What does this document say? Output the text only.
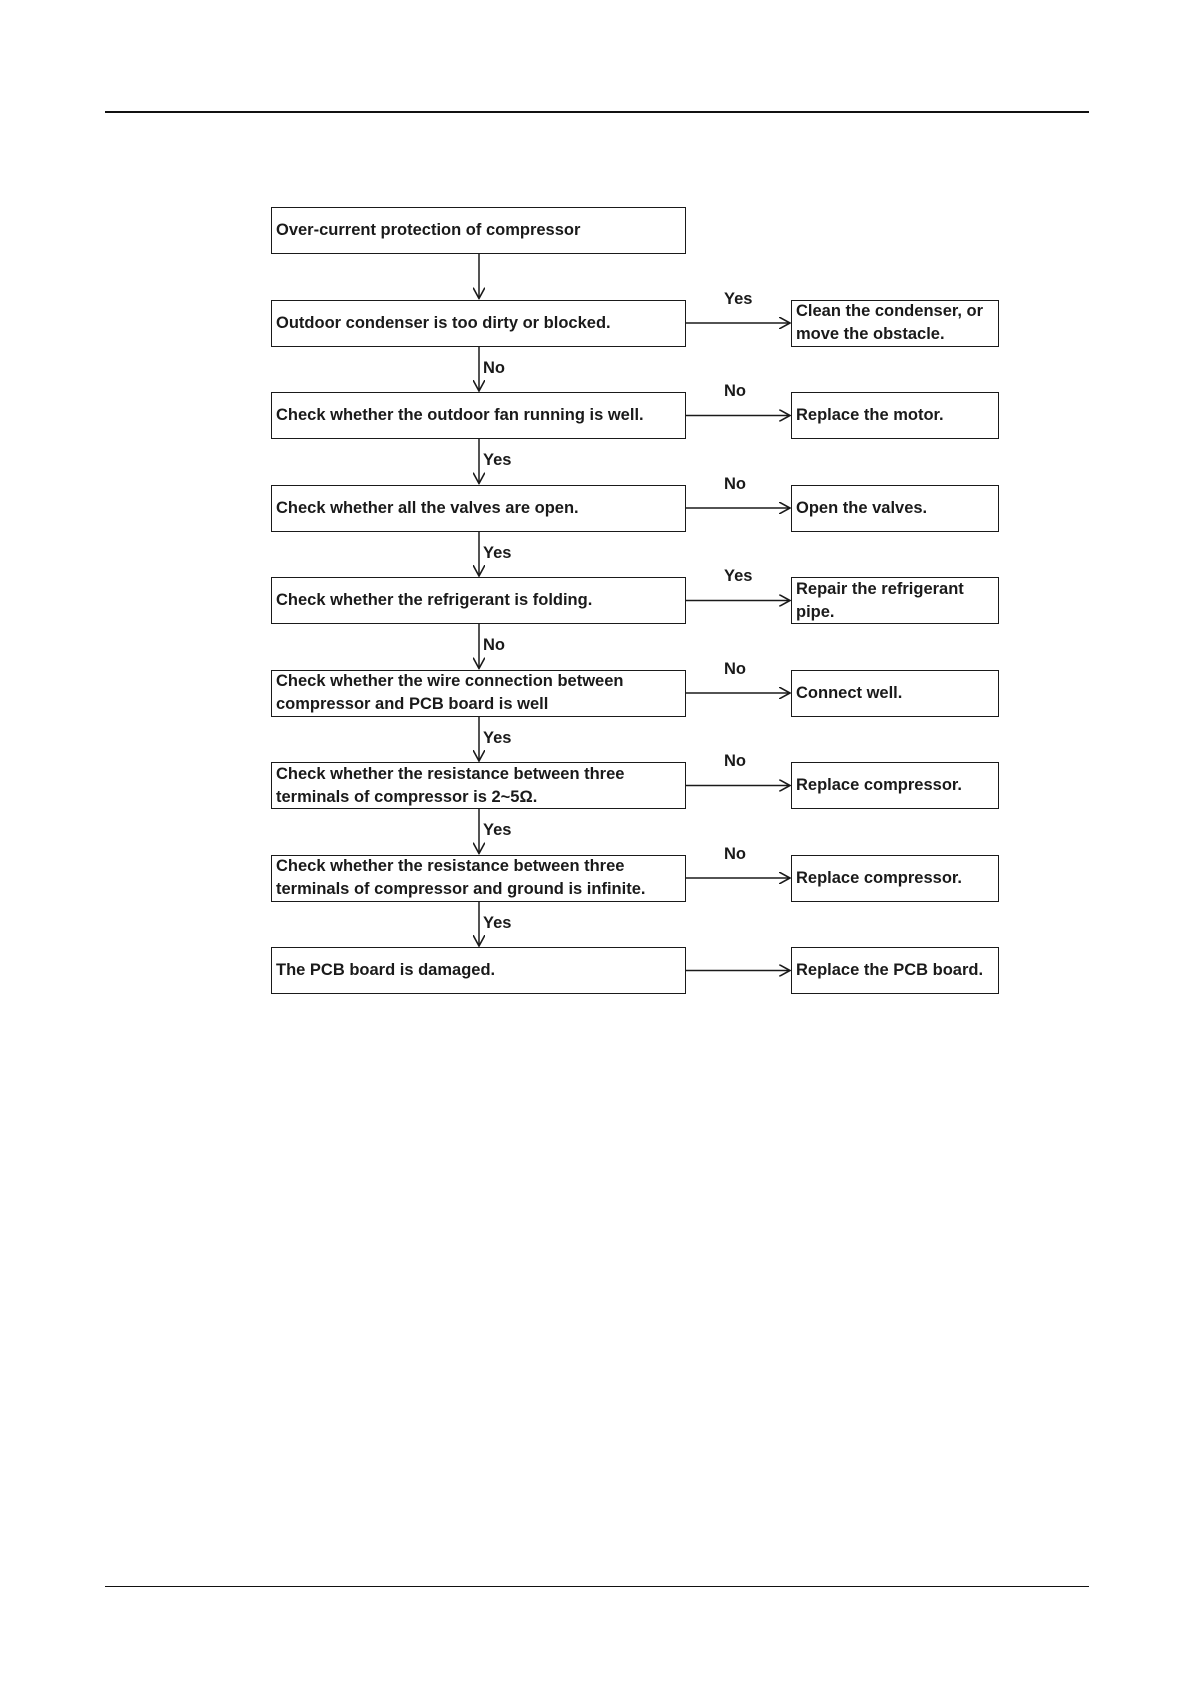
Over-current protection of compressor
Outdoor condenser is too dirty or blocked.
Clean the condenser, or
move the obstacle.
Yes
No
Check whether the outdoor fan running is well.	Replace the motor.
No
Yes
Check whether all the valves are open.	Open the valves.
No
Yes
Check whether the refrigerant is folding.
Repair the refrigerant
pipe.
Yes
No
Check whether the wire connection between
compressor and PCB board is well
Connect well.
No
Yes
Check whether the resistance between three
terminals of compressor is 2~5Ω.
Replace compressor.
No
Yes
Check whether the resistance between three
terminals of compressor and ground is infinite.
Replace compressor.
No
Yes
The PCB board is damaged.	Replace the PCB board.
